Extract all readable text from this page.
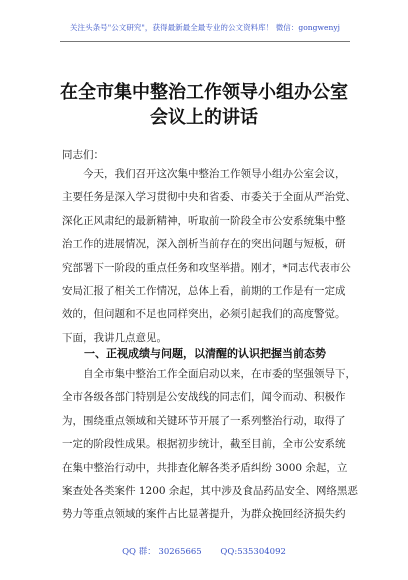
关注头条号"公文研究"，获得最新最全最专业的公文资料库！ 微信：gongwenyj
在全市集中整治工作领导小组办公室
会议上的讲话
同志们：
　　今天，我们召开这次集中整治工作领导小组办公室会议，
主要任务是深入学习贯彻中央和省委、市委关于全面从严治党、
深化正风肃纪的最新精神，听取前一阶段全市公安系统集中整
治工作的进展情况，深入剖析当前存在的突出问题与短板，研
究部署下一阶段的重点任务和攻坚举措。刚才，*同志代表市公
安局汇报了相关工作情况，总体上看，前期的工作是有一定成
效的，但问题和不足也同样突出，必须引起我们的高度警觉。
下面，我讲几点意见。
　　一、正视成绩与问题，以清醒的认识把握当前态势
　　自全市集中整治工作全面启动以来，在市委的坚强领导下，
全市各级各部门特别是公安战线的同志们，闻令而动、积极作
为，围绕重点领域和关键环节开展了一系列整治行动，取得了
一定的阶段性成果。根据初步统计，截至目前，全市公安系统
在集中整治行动中，共排查化解各类矛盾纠纷 3000 余起，立
案查处各类案件 1200 余起，其中涉及食品药品安全、网络黑恶
势力等重点领域的案件占比显著提升，为群众挽回经济损失约
QQ 群： 30265665 QQ:535304092
